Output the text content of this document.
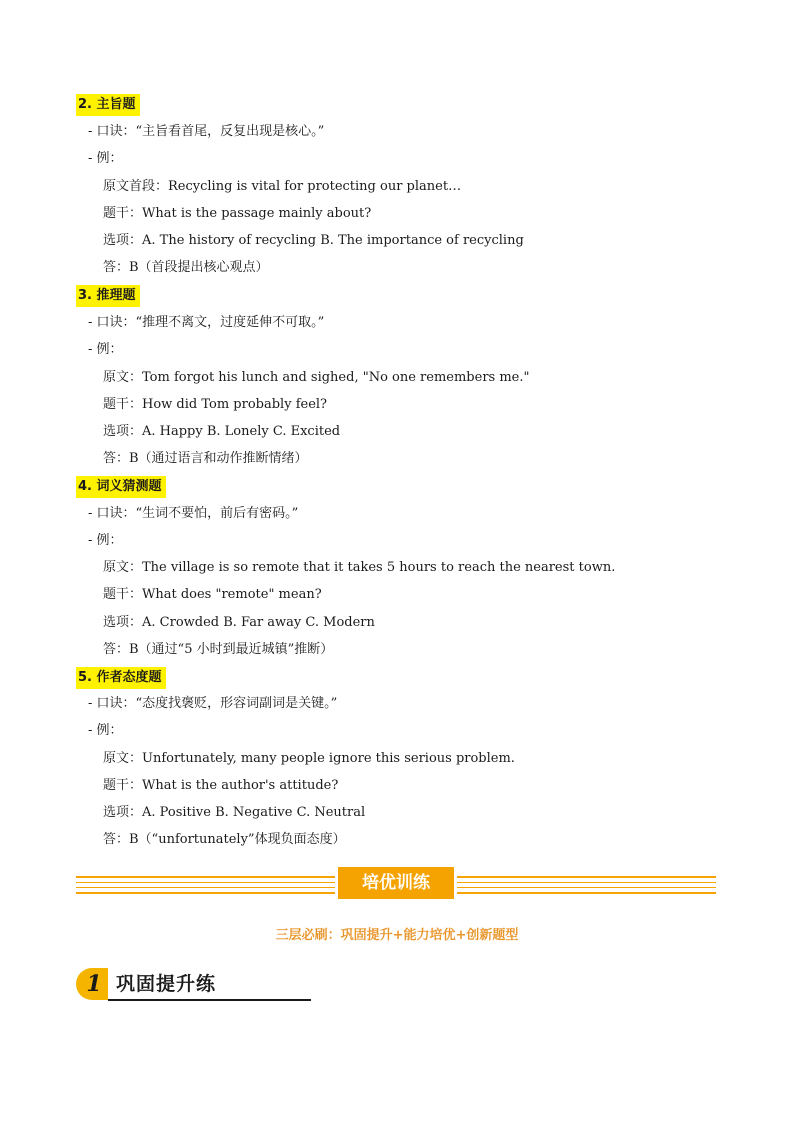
2. 主旨题
- 口诀：“主旨看首尾，反复出现是核心。”
- 例：
原文首段：Recycling is vital for protecting our planet…
题干：What is the passage mainly about?
选项：A. The history of recycling B. The importance of recycling
答：B（首段提出核心观点）
3. 推理题
- 口诀：“推理不离文，过度延伸不可取。”
- 例：
原文：Tom forgot his lunch and sighed, "No one remembers me."
题干：How did Tom probably feel?
选项：A. Happy B. Lonely C. Excited
答：B（通过语言和动作推断情绪）
4. 词义猜测题
- 口诀：“生词不要怕，前后有密码。”
- 例：
原文：The village is so remote that it takes 5 hours to reach the nearest town.
题干：What does "remote" mean?
选项：A. Crowded B. Far away C. Modern
答：B（通过“5 小时到最近城镇”推断）
5. 作者态度题
- 口诀：“态度找褒贬，形容词副词是关键。”
- 例：
原文：Unfortunately, many people ignore this serious problem.
题干：What is the author's attitude?
选项：A. Positive B. Negative C. Neutral
答：B（“unfortunately”体现负面态度）
培优训练
三层必刷：巩固提升+能力培优+创新题型
1 巩固提升练
